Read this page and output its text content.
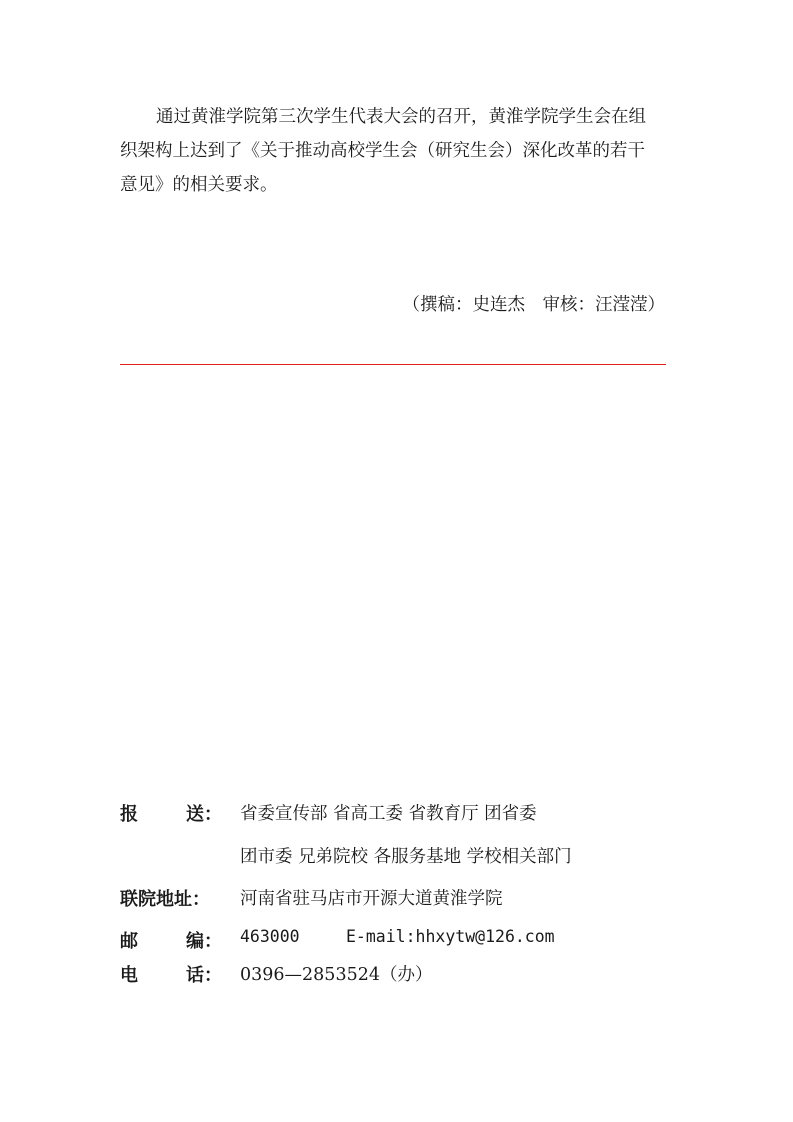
通过黄淮学院第三次学生代表大会的召开，黄淮学院学生会在组
织架构上达到了《关于推动高校学生会（研究生会）深化改革的若干
意见》的相关要求。
（撰稿：史连杰　审核：汪滢滢）
报	送： 省委宣传部 省高工委 省教育厅 团省委
团市委 兄弟院校 各服务基地 学校相关部门
联院地址： 河南省驻马店市开源大道黄淮学院
邮	编： 463000	E-mail:hhxytw@126.com
电	话： 0396—2853524（办）
